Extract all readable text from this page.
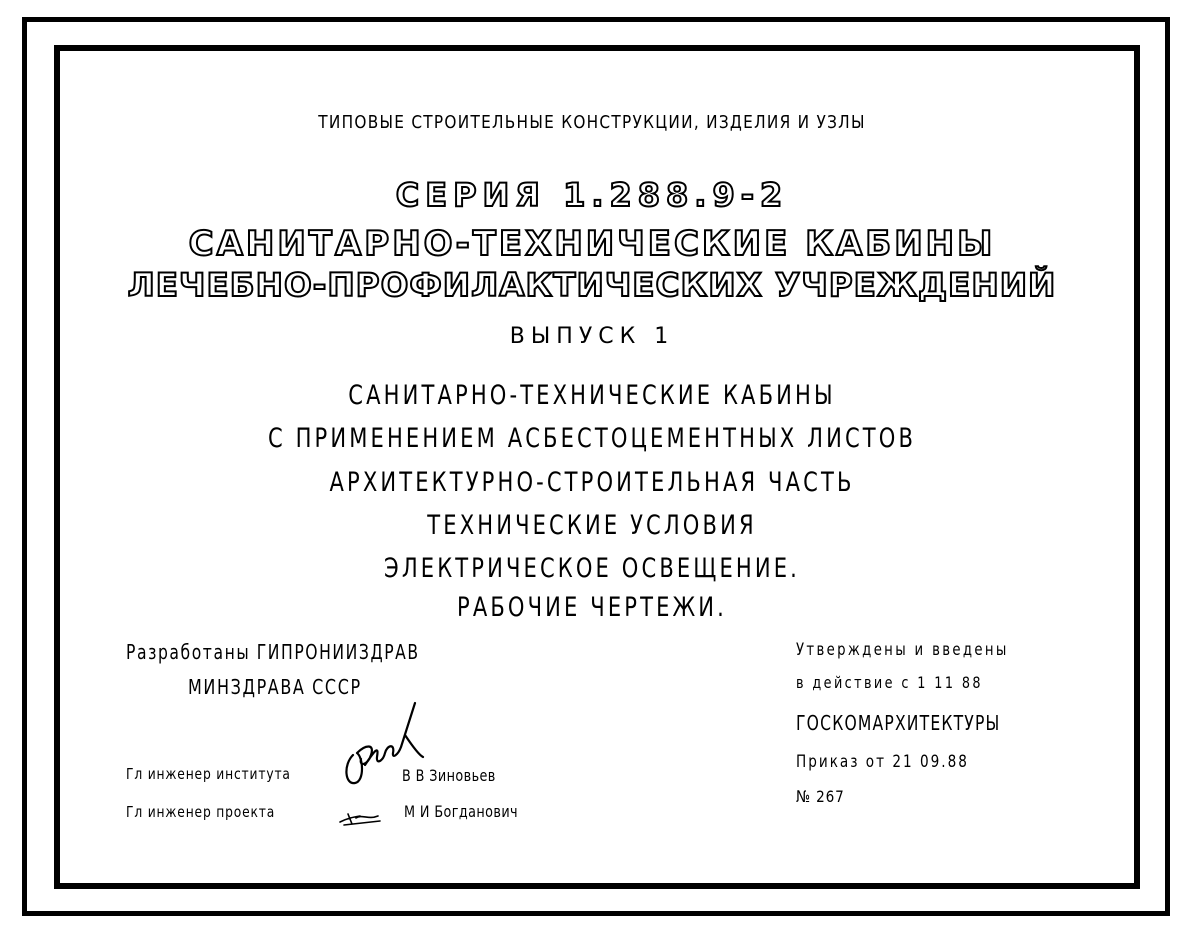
ТИПОВЫЕ СТРОИТЕЛЬНЫЕ КОНСТРУКЦИИ, ИЗДЕЛИЯ И УЗЛЫ
СЕРИЯ 1.288.9-2
САНИТАРНО-ТЕХНИЧЕСКИЕ КАБИНЫ
ЛЕЧЕБНО-ПРОФИЛАКТИЧЕСКИХ УЧРЕЖДЕНИЙ
ВЫПУСК 1
САНИТАРНО-ТЕХНИЧЕСКИЕ КАБИНЫ
С ПРИМЕНЕНИЕМ АСБЕСТОЦЕМЕНТНЫХ ЛИСТОВ
АРХИТЕКТУРНО-СТРОИТЕЛЬНАЯ ЧАСТЬ
ТЕХНИЧЕСКИЕ УСЛОВИЯ
ЭЛЕКТРИЧЕСКОЕ ОСВЕЩЕНИЕ.
РАБОЧИЕ ЧЕРТЕЖИ.
Разработаны ГИПРОНИИЗДРАВ
МИНЗДРАВА СССР
Гл инженер института	В В Зиновьев
Гл инженер проекта	М И Богданович
Утверждены и введены
в действие с 1 11 88
ГОСКОМАРХИТЕКТУРЫ
Приказ от 21 09.88
№ 267
